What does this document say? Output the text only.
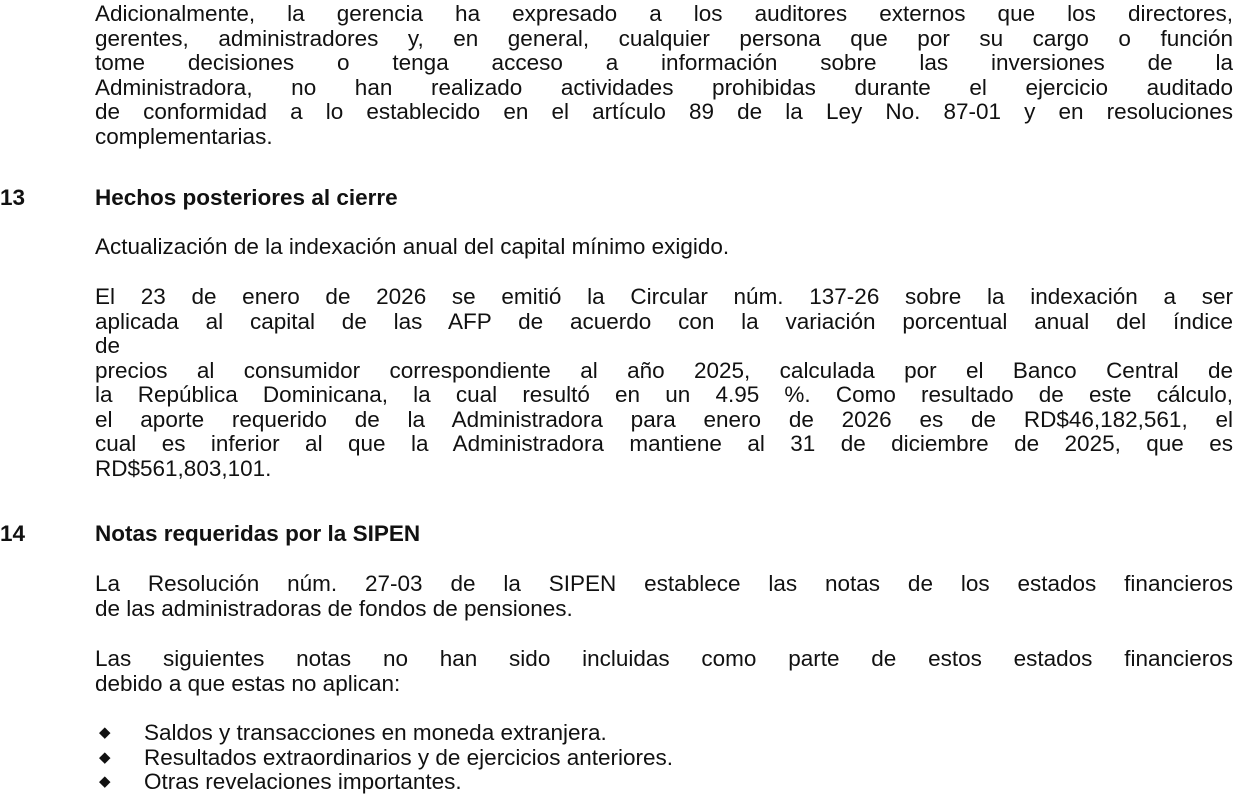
Adicionalmente, la gerencia ha expresado a los auditores externos que los directores,
gerentes, administradores y, en general, cualquier persona que por su cargo o función
tome decisiones o tenga acceso a información sobre las inversiones de la
Administradora, no han realizado actividades prohibidas durante el ejercicio auditado
de conformidad a lo establecido en el artículo 89 de la Ley No. 87-01 y en resoluciones
complementarias.

13	Hechos posteriores al cierre

Actualización de la indexación anual del capital mínimo exigido.

El 23 de enero de 2026 se emitió la Circular núm. 137-26 sobre la indexación a ser
aplicada al capital de las AFP de acuerdo con la variación porcentual anual del índice
de
precios al consumidor correspondiente al año 2025, calculada por el Banco Central de
la República Dominicana, la cual resultó en un 4.95 %. Como resultado de este cálculo,
el aporte requerido de la Administradora para enero de 2026 es de RD$46,182,561, el
cual es inferior al que la Administradora mantiene al 31 de diciembre de 2025, que es
RD$561,803,101.

14	Notas requeridas por la SIPEN

La Resolución núm. 27-03 de la SIPEN establece las notas de los estados financieros
de las administradoras de fondos de pensiones.

Las siguientes notas no han sido incluidas como parte de estos estados financieros
debido a que estas no aplican:

◆ Saldos y transacciones en moneda extranjera.
◆ Resultados extraordinarios y de ejercicios anteriores.
◆ Otras revelaciones importantes.
